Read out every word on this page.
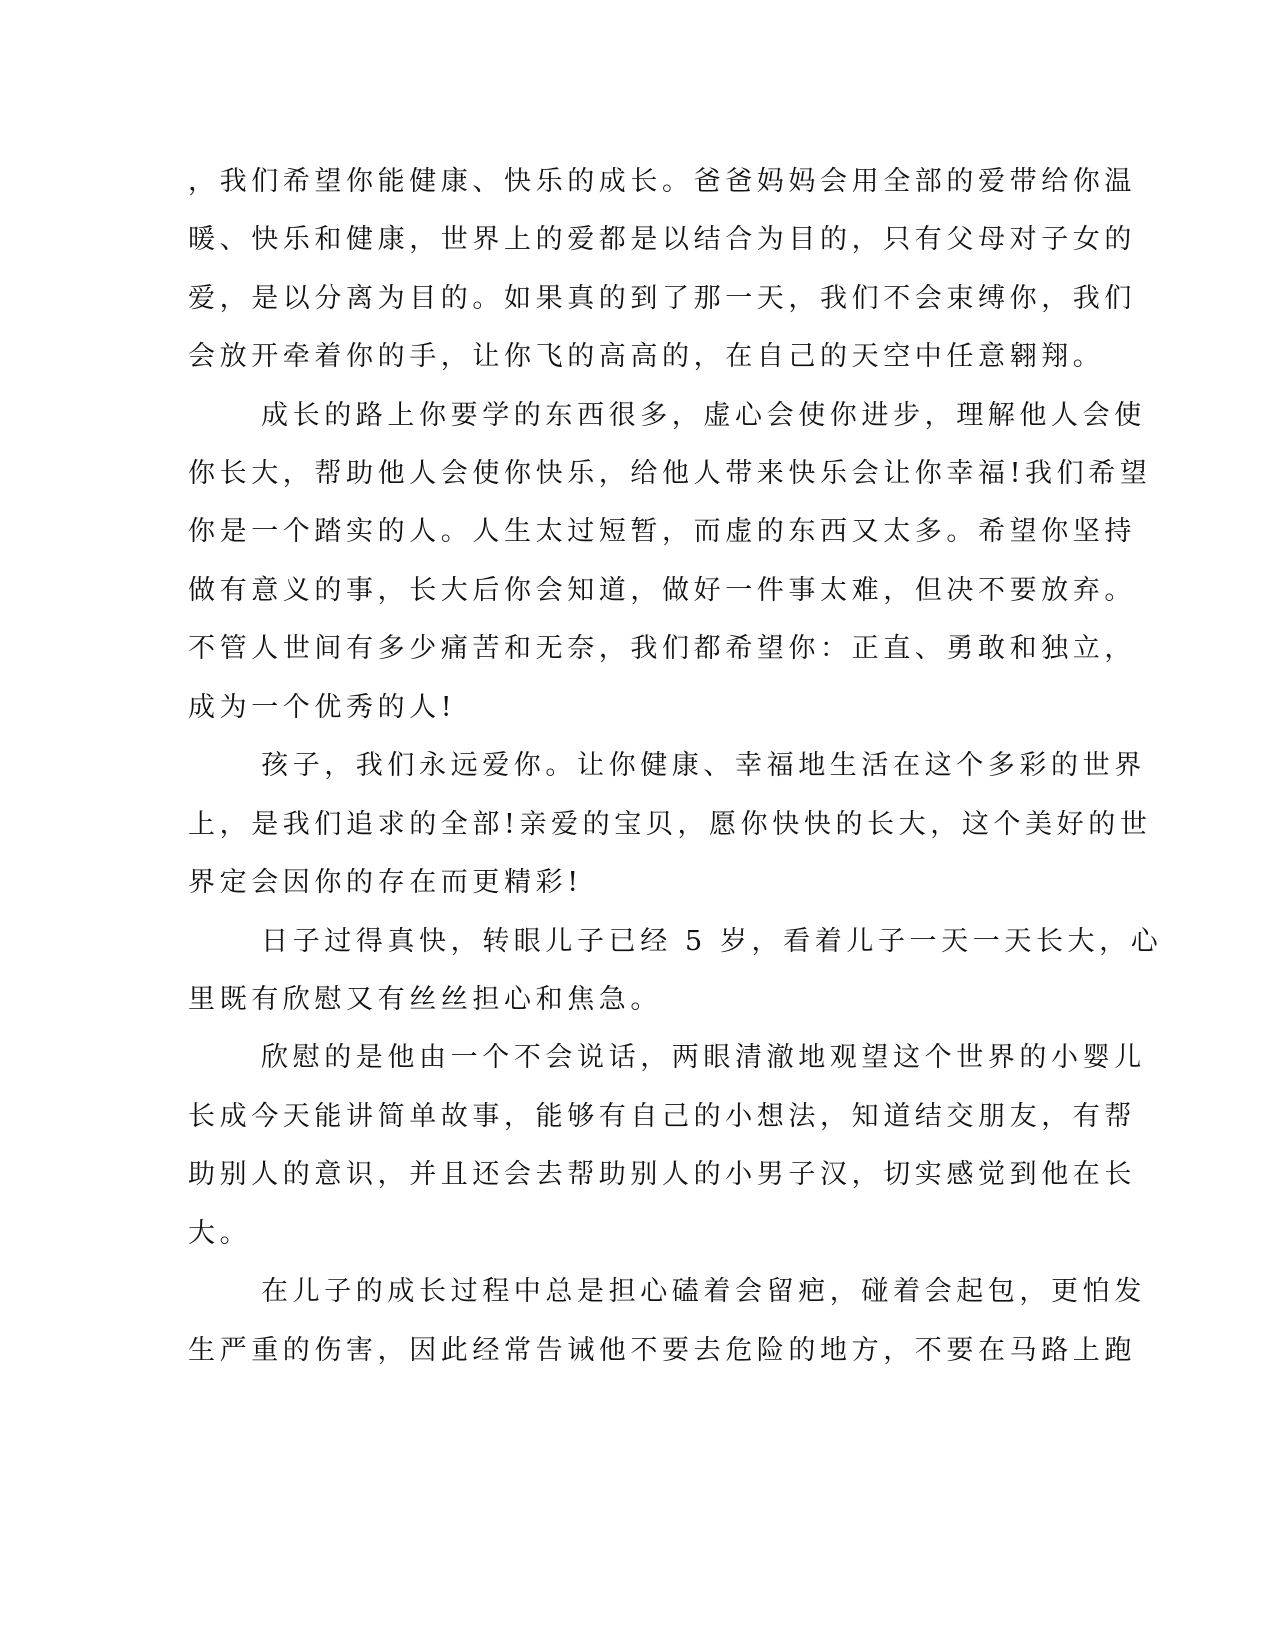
，我们希望你能健康、快乐的成长。爸爸妈妈会用全部的爱带给你温
暖、快乐和健康，世界上的爱都是以结合为目的，只有父母对子女的
爱，是以分离为目的。如果真的到了那一天，我们不会束缚你，我们
会放开牵着你的手，让你飞的高高的，在自己的天空中任意翱翔。
成长的路上你要学的东西很多，虚心会使你进步，理解他人会使
你长大，帮助他人会使你快乐，给他人带来快乐会让你幸福!我们希望
你是一个踏实的人。人生太过短暂，而虚的东西又太多。希望你坚持
做有意义的事，长大后你会知道，做好一件事太难，但决不要放弃。
不管人世间有多少痛苦和无奈，我们都希望你：正直、勇敢和独立，
成为一个优秀的人!
孩子，我们永远爱你。让你健康、幸福地生活在这个多彩的世界
上，是我们追求的全部!亲爱的宝贝，愿你快快的长大，这个美好的世
界定会因你的存在而更精彩!
日子过得真快，转眼儿子已经 5 岁，看着儿子一天一天长大，心
里既有欣慰又有丝丝担心和焦急。
欣慰的是他由一个不会说话，两眼清澈地观望这个世界的小婴儿
长成今天能讲简单故事，能够有自己的小想法，知道结交朋友，有帮
助别人的意识，并且还会去帮助别人的小男子汉，切实感觉到他在长
大。
在儿子的成长过程中总是担心磕着会留疤，碰着会起包，更怕发
生严重的伤害，因此经常告诫他不要去危险的地方，不要在马路上跑
